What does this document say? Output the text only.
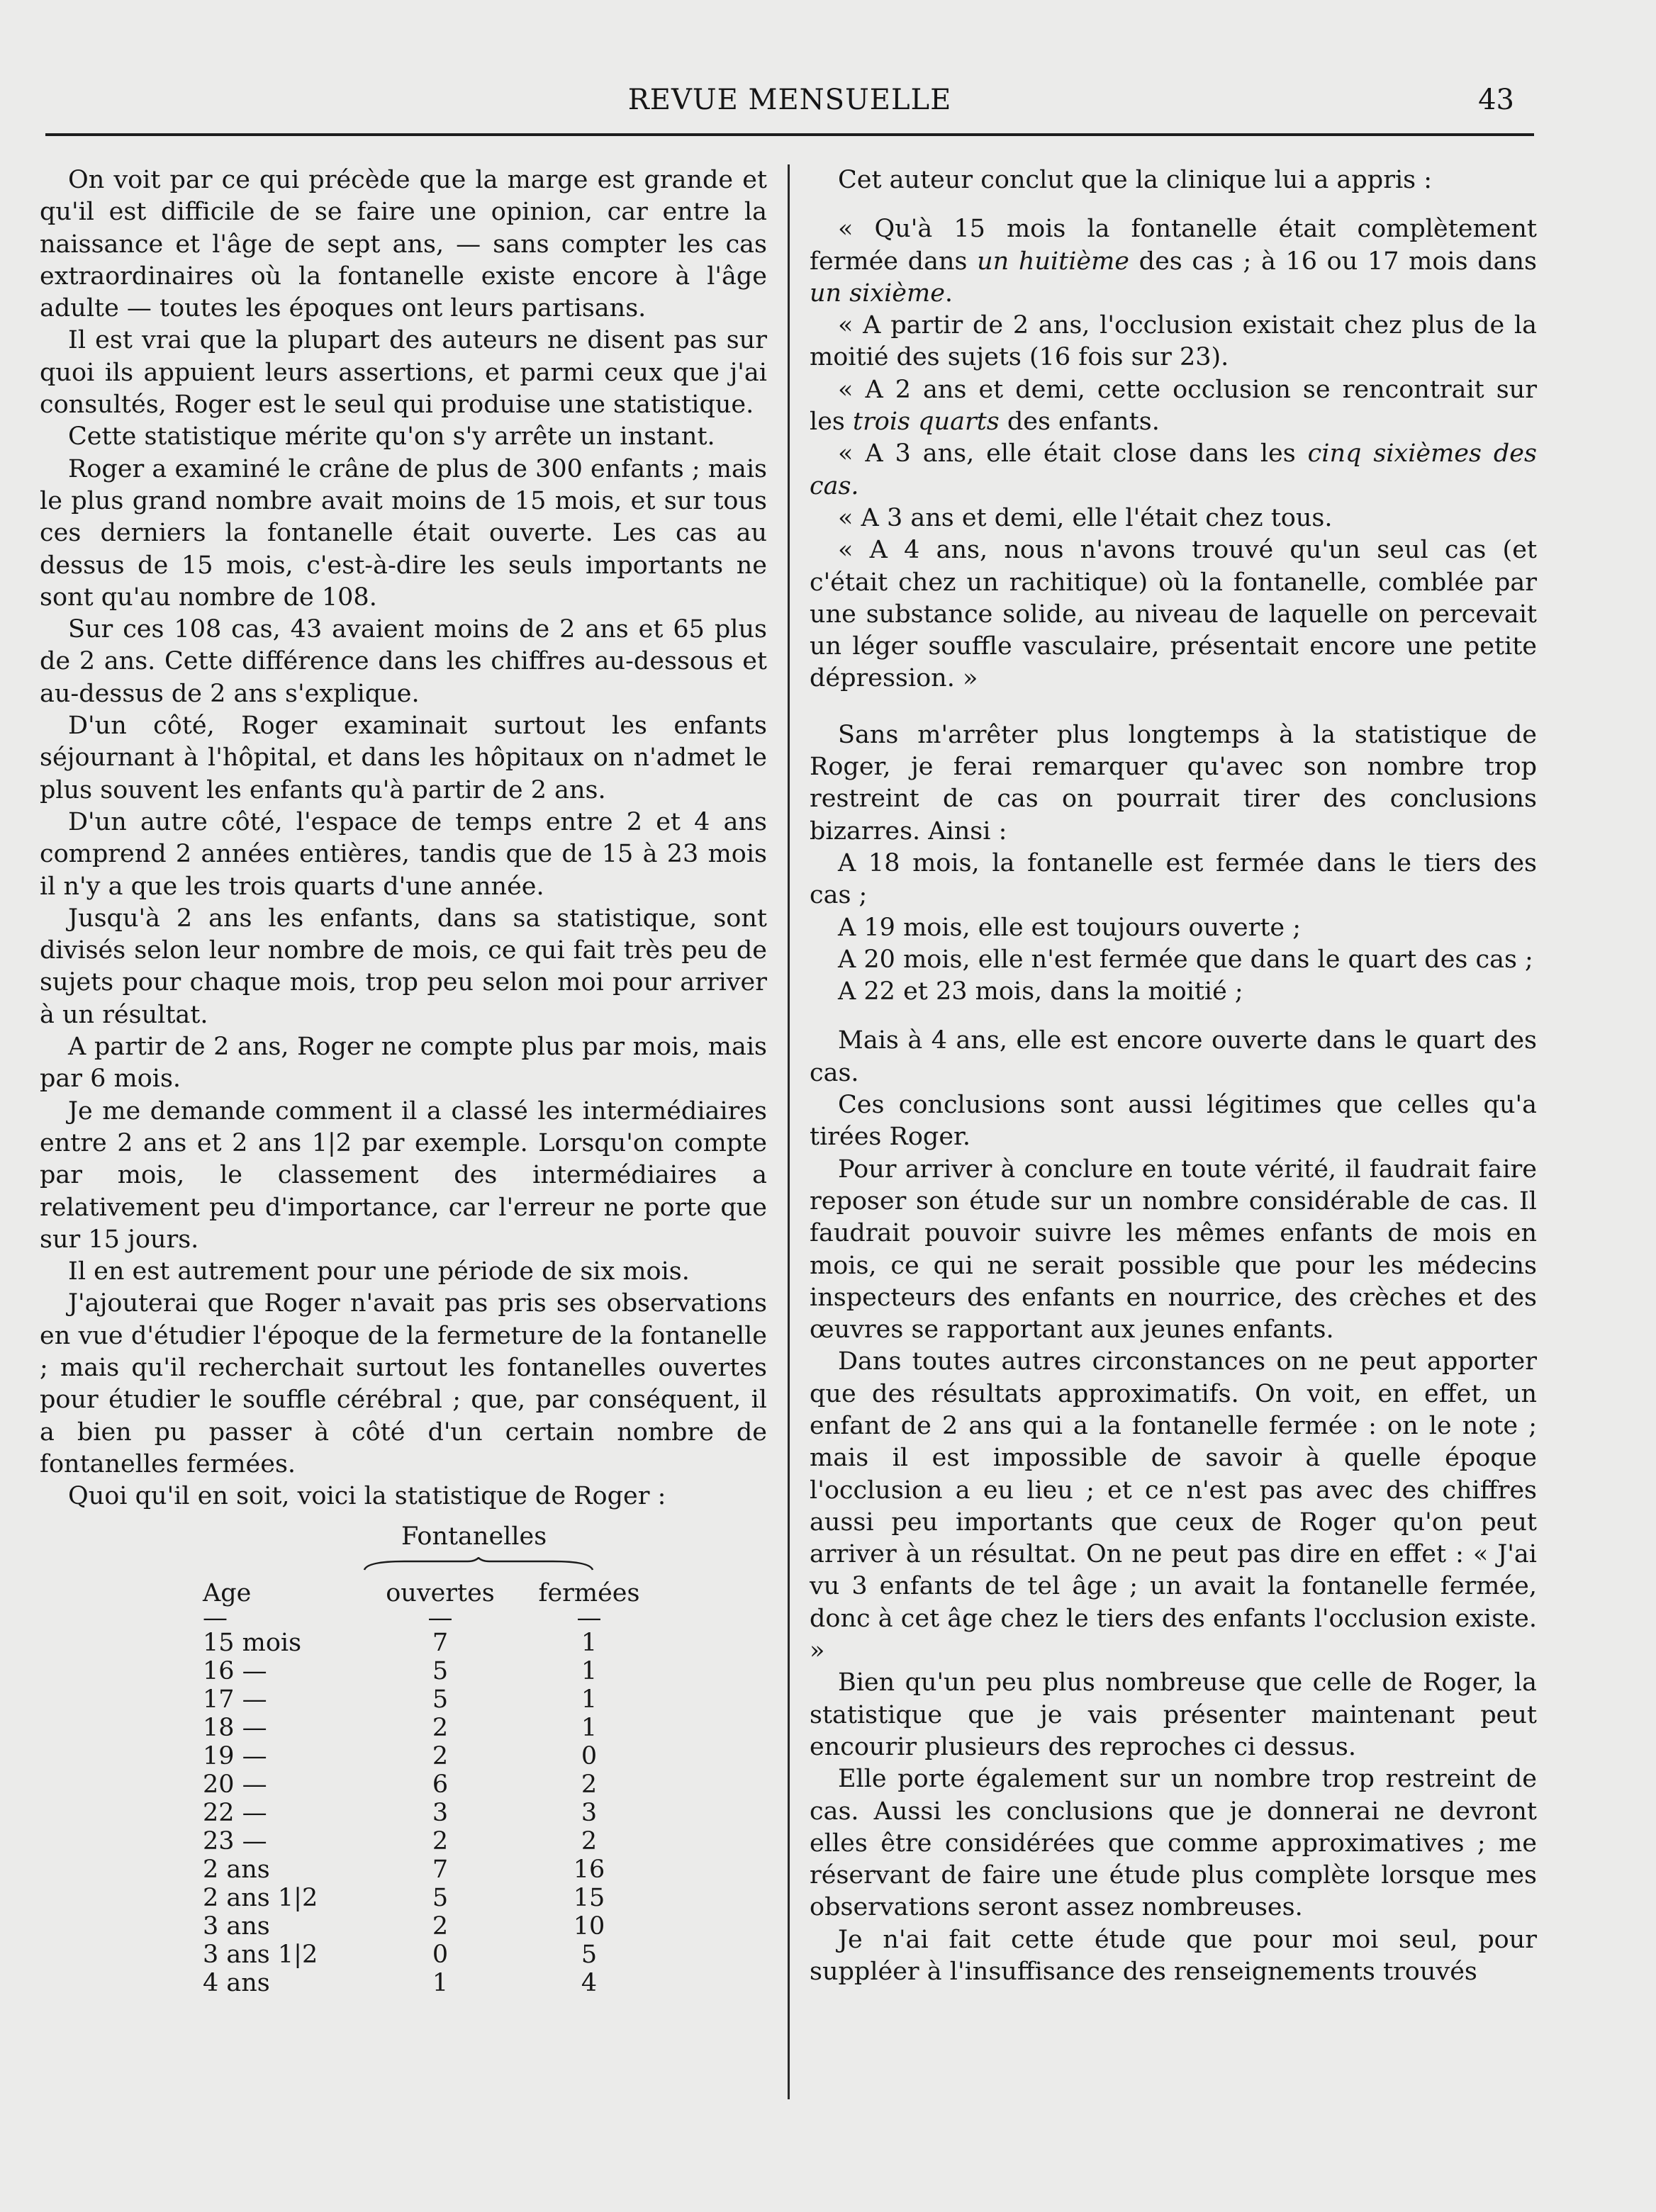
REVUE MENSUELLE	43

On voit par ce qui précède que la marge est grande et qu'il est difficile de se faire une opinion, car entre la naissance et l'âge de sept ans, — sans compter les cas extraordinaires où la fontanelle existe encore à l'âge adulte — toutes les époques ont leurs partisans.

Il est vrai que la plupart des auteurs ne disent pas sur quoi ils appuient leurs assertions, et parmi ceux que j'ai consultés, Roger est le seul qui produise une statistique.

Cette statistique mérite qu'on s'y arrête un instant.

Roger a examiné le crâne de plus de 300 enfants ; mais le plus grand nombre avait moins de 15 mois, et sur tous ces derniers la fontanelle était ouverte. Les cas au dessus de 15 mois, c'est-à-dire les seuls importants ne sont qu'au nombre de 108.

Sur ces 108 cas, 43 avaient moins de 2 ans et 65 plus de 2 ans. Cette différence dans les chiffres au-dessous et au-dessus de 2 ans s'explique.

D'un côté, Roger examinait surtout les enfants séjournant à l'hôpital, et dans les hôpitaux on n'admet le plus souvent les enfants qu'à partir de 2 ans.

D'un autre côté, l'espace de temps entre 2 et 4 ans comprend 2 années entières, tandis que de 15 à 23 mois il n'y a que les trois quarts d'une année.

Jusqu'à 2 ans les enfants, dans sa statistique, sont divisés selon leur nombre de mois, ce qui fait très peu de sujets pour chaque mois, trop peu selon moi pour arriver à un résultat.

A partir de 2 ans, Roger ne compte plus par mois, mais par 6 mois.

Je me demande comment il a classé les intermédiaires entre 2 ans et 2 ans 1|2 par exemple. Lorsqu'on compte par mois, le classement des intermédiaires a relativement peu d'importance, car l'erreur ne porte que sur 15 jours.

Il en est autrement pour une période de six mois.

J'ajouterai que Roger n'avait pas pris ses observations en vue d'étudier l'époque de la fermeture de la fontanelle ; mais qu'il recherchait surtout les fontanelles ouvertes pour étudier le souffle cérébral ; que, par conséquent, il a bien pu passer à côté d'un certain nombre de fontanelles fermées.

Quoi qu'il en soit, voici la statistique de Roger :

	Fontanelles	

Age	ouvertes	fermées
—	—	—
15 mois	7	1
16 —	5	1
17 —	5	1
18 —	2	1
19 —	2	0
20 —	6	2
22 —	3	3
23 —	2	2
2 ans	7	16
2 ans 1|2	5	15
3 ans	2	10
3 ans 1|2	0	5
4 ans	1	4

Cet auteur conclut que la clinique lui a appris :

« Qu'à 15 mois la fontanelle était complètement fermée dans un huitième des cas ; à 16 ou 17 mois dans un sixième.

« A partir de 2 ans, l'occlusion existait chez plus de la moitié des sujets (16 fois sur 23).

« A 2 ans et demi, cette occlusion se rencontrait sur les trois quarts des enfants.

« A 3 ans, elle était close dans les cinq sixièmes des cas.

« A 3 ans et demi, elle l'était chez tous.

« A 4 ans, nous n'avons trouvé qu'un seul cas (et c'était chez un rachitique) où la fontanelle, comblée par une substance solide, au niveau de laquelle on percevait un léger souffle vasculaire, présentait encore une petite dépression. »

Sans m'arrêter plus longtemps à la statistique de Roger, je ferai remarquer qu'avec son nombre trop restreint de cas on pourrait tirer des conclusions bizarres. Ainsi :

A 18 mois, la fontanelle est fermée dans le tiers des cas ;

A 19 mois, elle est toujours ouverte ;

A 20 mois, elle n'est fermée que dans le quart des cas ;

A 22 et 23 mois, dans la moitié ;

Mais à 4 ans, elle est encore ouverte dans le quart des cas.

Ces conclusions sont aussi légitimes que celles qu'a tirées Roger.

Pour arriver à conclure en toute vérité, il faudrait faire reposer son étude sur un nombre considérable de cas. Il faudrait pouvoir suivre les mêmes enfants de mois en mois, ce qui ne serait possible que pour les médecins inspecteurs des enfants en nourrice, des crèches et des œuvres se rapportant aux jeunes enfants.

Dans toutes autres circonstances on ne peut apporter que des résultats approximatifs. On voit, en effet, un enfant de 2 ans qui a la fontanelle fermée : on le note ; mais il est impossible de savoir à quelle époque l'occlusion a eu lieu ; et ce n'est pas avec des chiffres aussi peu importants que ceux de Roger qu'on peut arriver à un résultat. On ne peut pas dire en effet : « J'ai vu 3 enfants de tel âge ; un avait la fontanelle fermée, donc à cet âge chez le tiers des enfants l'occlusion existe. »

Bien qu'un peu plus nombreuse que celle de Roger, la statistique que je vais présenter maintenant peut encourir plusieurs des reproches ci dessus.

Elle porte également sur un nombre trop restreint de cas. Aussi les conclusions que je donnerai ne devront elles être considérées que comme approximatives ; me réservant de faire une étude plus complète lorsque mes observations seront assez nombreuses.

Je n'ai fait cette étude que pour moi seul, pour suppléer à l'insuffisance des renseignements trouvés
